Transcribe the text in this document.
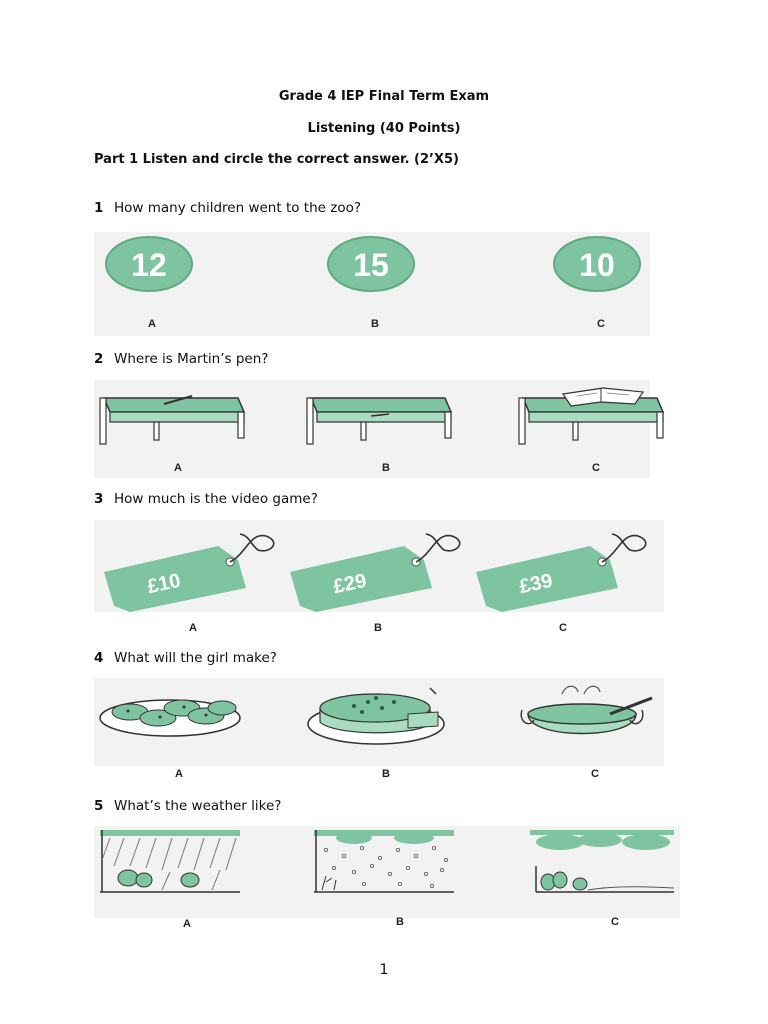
Grade 4 IEP Final Term Exam
Listening (40 Points)
Part 1 Listen and circle the correct answer. (2’X5)
1 How many children went to the zoo?
12	15	10
A	B	C
2 Where is Martin’s pen?
A	B	C
3 How much is the video game?
£10	£29	£39
A	B	C
4 What will the girl make?
A	B	C
5 What’s the weather like?
A	B	C
1
